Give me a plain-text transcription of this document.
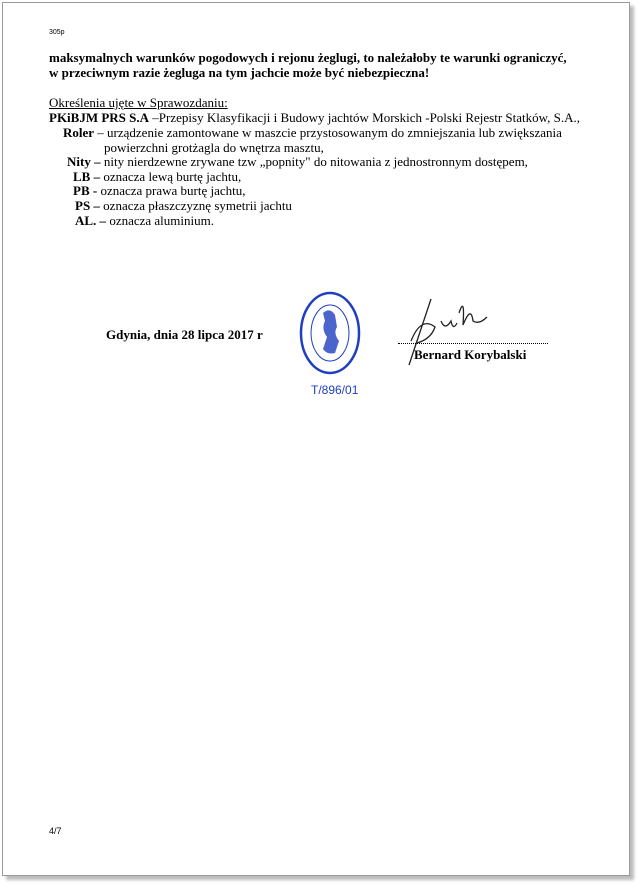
305p
maksymalnych warunków pogodowych i rejonu żeglugi, to należałoby te warunki ograniczyć,
w przeciwnym razie żegluga na tym jachcie może być niebezpieczna!
Określenia ujęte w Sprawozdaniu:
PKiBJM PRS S.A –Przepisy Klasyfikacji i Budowy jachtów Morskich -Polski Rejestr Statków, S.A.,
Roler – urządzenie zamontowane w maszcie przystosowanym do zmniejszania lub zwiększania
powierzchni grotżagla do wnętrza masztu,
Nity – nity nierdzewne zrywane tzw „popnity" do nitowania z jednostronnym dostępem,
LB – oznacza lewą burtę jachtu,
PB - oznacza prawa burtę jachtu,
PS – oznacza płaszczyznę symetrii jachtu
AL. – oznacza aluminium.
Gdynia, dnia 28 lipca 2017 r
T/896/01
Bernard Korybalski
4/7
